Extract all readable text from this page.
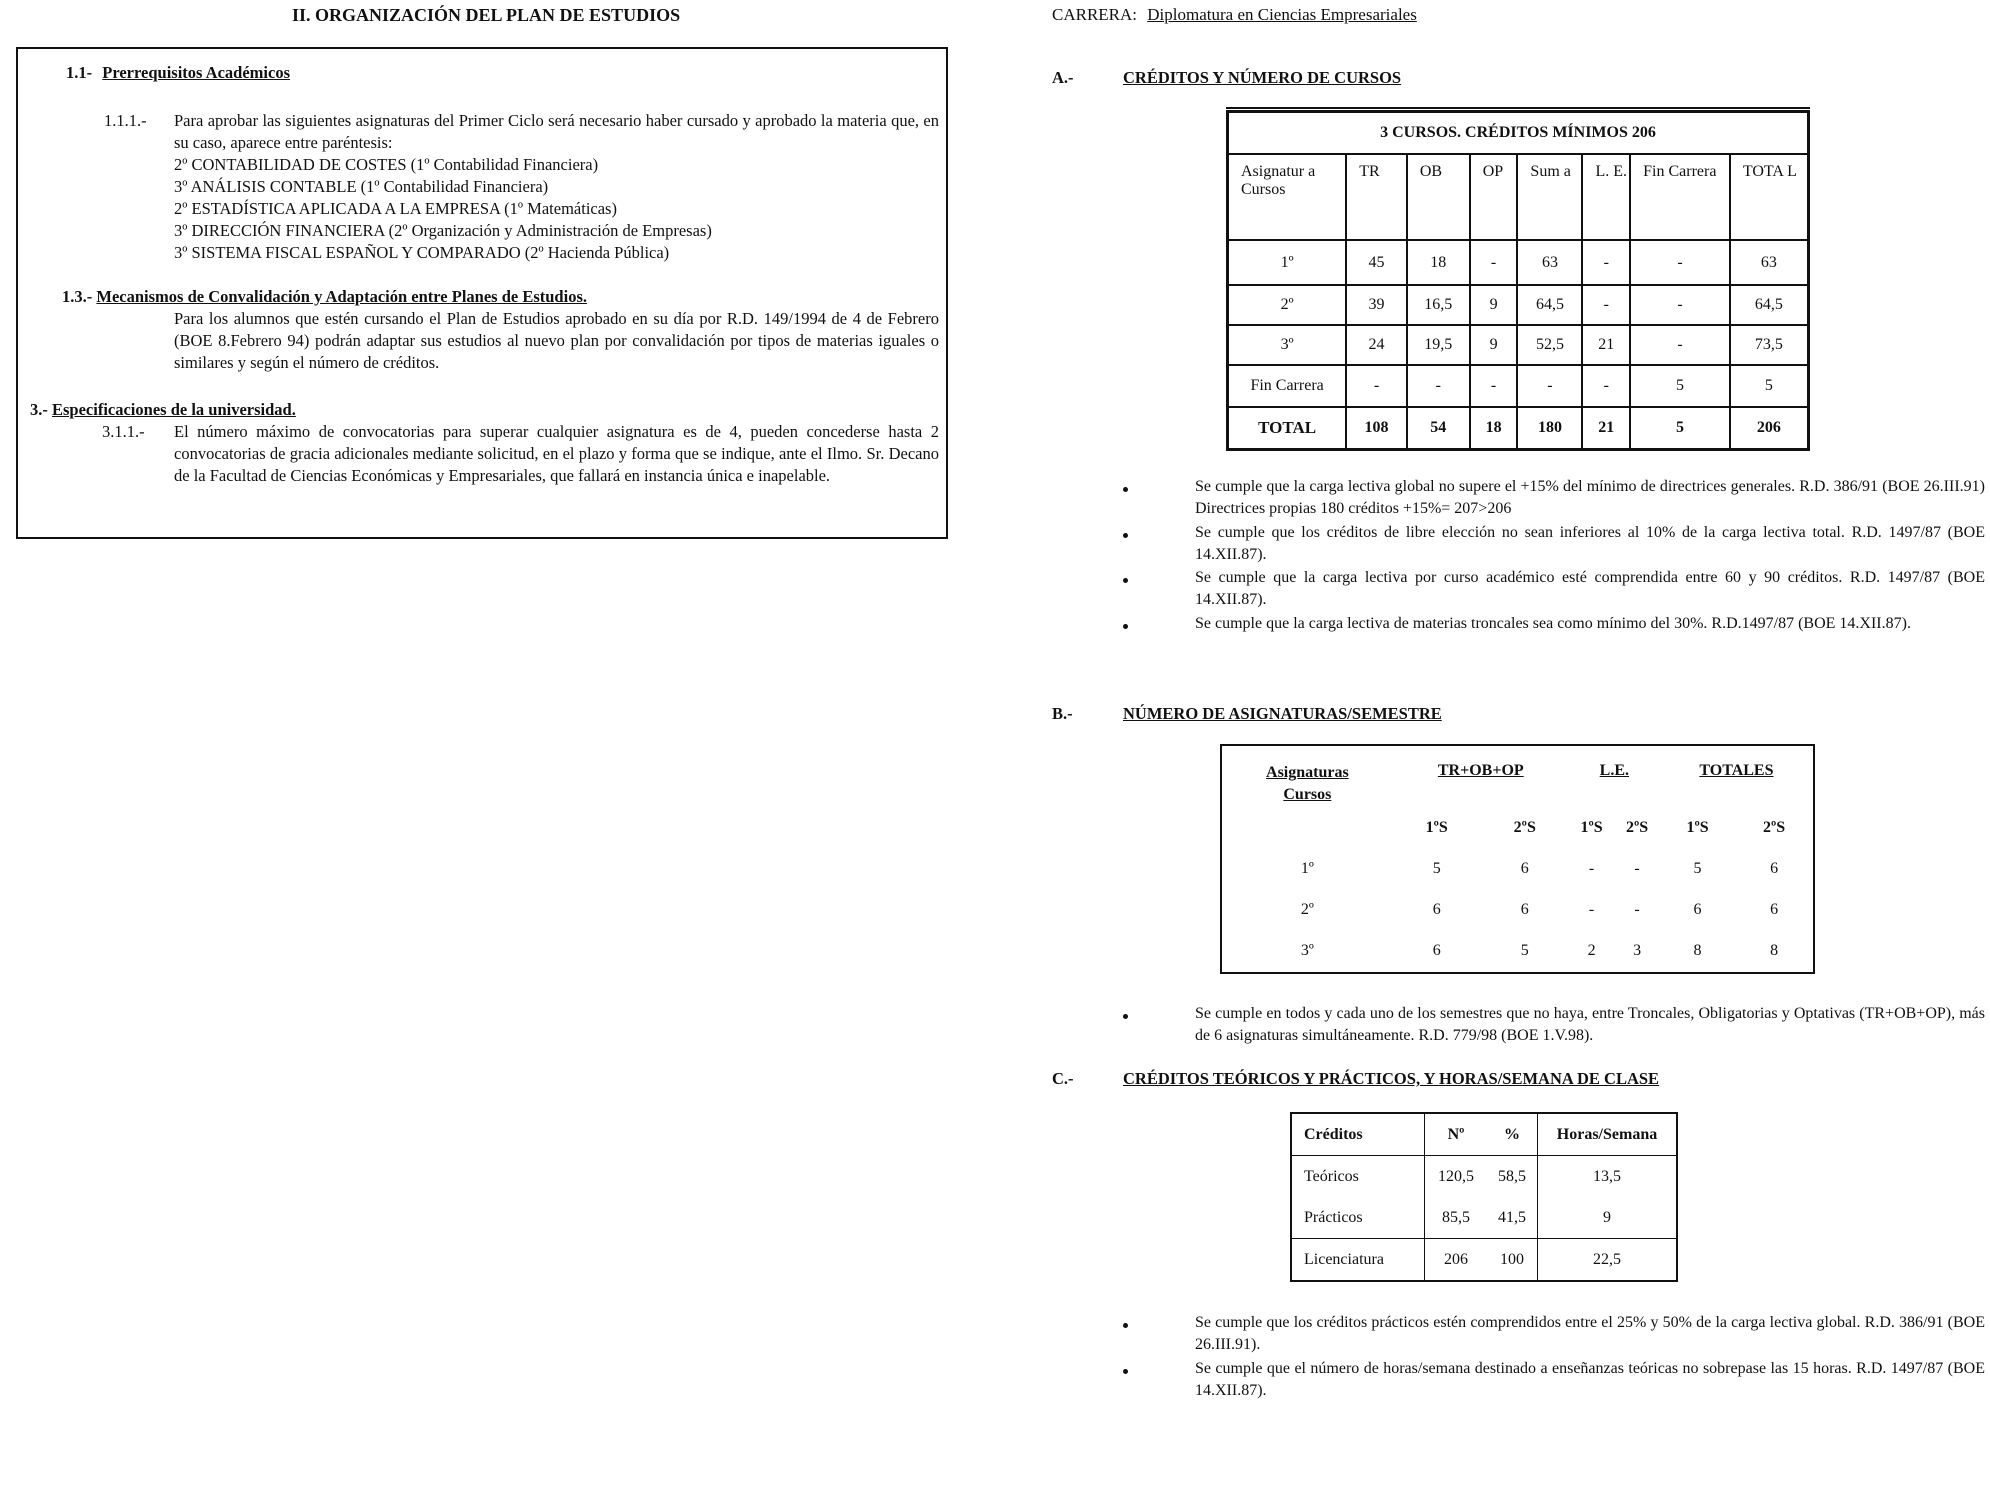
II. ORGANIZACIÓN DEL PLAN DE ESTUDIOS
1.1- Prerrequisitos Académicos
1.1.1.- Para aprobar las siguientes asignaturas del Primer Ciclo será necesario haber cursado y aprobado la materia que, en su caso, aparece entre paréntesis:
2º CONTABILIDAD DE COSTES (1º Contabilidad Financiera)
3º ANÁLISIS CONTABLE (1º Contabilidad Financiera)
2º ESTADÍSTICA APLICADA A LA EMPRESA (1º Matemáticas)
3º DIRECCIÓN FINANCIERA (2º Organización y Administración de Empresas)
3º SISTEMA FISCAL ESPAÑOL Y COMPARADO (2º Hacienda Pública)
1.3.- Mecanismos de Convalidación y Adaptación entre Planes de Estudios.
Para los alumnos que estén cursando el Plan de Estudios aprobado en su día por R.D. 149/1994 de 4 de Febrero (BOE 8.Febrero 94) podrán adaptar sus estudios al nuevo plan por convalidación por tipos de materias iguales o similares y según el número de créditos.
3.- Especificaciones de la universidad.
3.1.1.- El número máximo de convocatorias para superar cualquier asignatura es de 4, pueden concederse hasta 2 convocatorias de gracia adicionales mediante solicitud, en el plazo y forma que se indique, ante el Ilmo. Sr. Decano de la Facultad de Ciencias Económicas y Empresariales, que fallará en instancia única e inapelable.
CARRERA: Diplomatura en Ciencias Empresariales
A.-	CRÉDITOS Y NÚMERO DE CURSOS
3 CURSOS. CRÉDITOS MÍNIMOS 206							
Asignatur a Cursos	TR	OB	OP	Sum a	L. E.	Fin Carrera	TOTA L
1º	45	18	-	63	-	-	63
2º	39	16,5	9	64,5	-	-	64,5
3º	24	19,5	9	52,5	21	-	73,5
Fin Carrera	-	-	-	-	-	5	5
TOTAL	108	54	18	180	21	5	206
Se cumple que la carga lectiva global no supere el +15% del mínimo de directrices generales. R.D. 386/91 (BOE 26.III.91) Directrices propias 180 créditos +15%= 207>206
Se cumple que los créditos de libre elección no sean inferiores al 10% de la carga lectiva total. R.D. 1497/87 (BOE 14.XII.87).
Se cumple que la carga lectiva por curso académico esté comprendida entre 60 y 90 créditos. R.D. 1497/87 (BOE 14.XII.87).
Se cumple que la carga lectiva de materias troncales sea como mínimo del 30%. R.D.1497/87 (BOE 14.XII.87).
B.-	NÚMERO DE ASIGNATURAS/SEMESTRE
Asignaturas
Cursos	TR+OB+OP		L.E.		TOTALES	
	1ºS	2ºS	1ºS	2ºS	1ºS	2ºS
1º	5	6	-	-	5	6
2º	6	6	-	-	6	6
3º	6	5	2	3	8	8
Se cumple en todos y cada uno de los semestres que no haya, entre Troncales, Obligatorias y Optativas (TR+OB+OP), más de 6 asignaturas simultáneamente. R.D. 779/98 (BOE 1.V.98).
C.-	CRÉDITOS TEÓRICOS Y PRÁCTICOS, Y HORAS/SEMANA DE CLASE
Créditos	Nº	%	Horas/Semana
Teóricos	120,5	58,5	13,5
Prácticos	85,5	41,5	9
Licenciatura	206	100	22,5
Se cumple que los créditos prácticos estén comprendidos entre el 25% y 50% de la carga lectiva global. R.D. 386/91 (BOE 26.III.91).
Se cumple que el número de horas/semana destinado a enseñanzas teóricas no sobrepase las 15 horas. R.D. 1497/87 (BOE 14.XII.87).
